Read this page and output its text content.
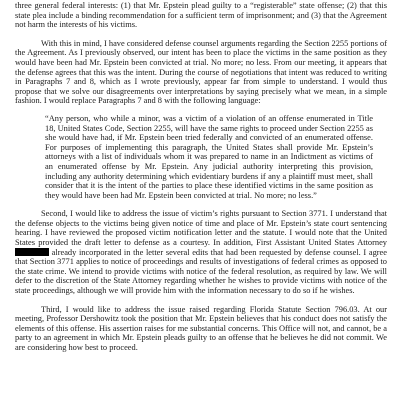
three general federal interests: (1) that Mr. Epstein plead guilty to a “registerable” state offense; (2) that this state plea include a binding recommendation for a sufficient term of imprisonment; and (3) that the Agreement not harm the interests of his victims.

With this in mind, I have considered defense counsel arguments regarding the Section 2255 portions of the Agreement. As I previously observed, our intent has been to place the victims in the same position as they would have been had Mr. Epstein been convicted at trial. No more; no less. From our meeting, it appears that the defense agrees that this was the intent. During the course of negotiations that intent was reduced to writing in Paragraphs 7 and 8, which as I wrote previously, appear far from simple to understand. I would thus propose that we solve our disagreements over interpretations by saying precisely what we mean, in a simple fashion. I would replace Paragraphs 7 and 8 with the following language:

“Any person, who while a minor, was a victim of a violation of an offense enumerated in Title 18, United States Code, Section 2255, will have the same rights to proceed under Section 2255 as she would have had, if Mr. Epstein been tried federally and convicted of an enumerated offense. For purposes of implementing this paragraph, the United States shall provide Mr. Epstein’s attorneys with a list of individuals whom it was prepared to name in an Indictment as victims of an enumerated offense by Mr. Epstein. Any judicial authority interpreting this provision, including any authority determining which evidentiary burdens if any a plaintiff must meet, shall consider that it is the intent of the parties to place these identified victims in the same position as they would have been had Mr. Epstein been convicted at trial. No more; no less.”

Second, I would like to address the issue of victim’s rights pursuant to Section 3771. I understand that the defense objects to the victims being given notice of time and place of Mr. Epstein’s state court sentencing hearing. I have reviewed the proposed victim notification letter and the statute. I would note that the United States provided the draft letter to defense as a courtesy. In addition, First Assistant United States Attorney  already incorporated in the letter several edits that had been requested by defense counsel. I agree that Section 3771 applies to notice of proceedings and results of investigations of federal crimes as opposed to the state crime. We intend to provide victims with notice of the federal resolution, as required by law. We will defer to the discretion of the State Attorney regarding whether he wishes to provide victims with notice of the state proceedings, although we will provide him with the information necessary to do so if he wishes.

Third, I would like to address the issue raised regarding Florida Statute Section 796.03. At our meeting, Professor Dershowitz took the position that Mr. Epstein believes that his conduct does not satisfy the elements of this offense. His assertion raises for me substantial concerns. This Office will not, and cannot, be a party to an agreement in which Mr. Epstein pleads guilty to an offense that he believes he did not commit. We are considering how best to proceed.
